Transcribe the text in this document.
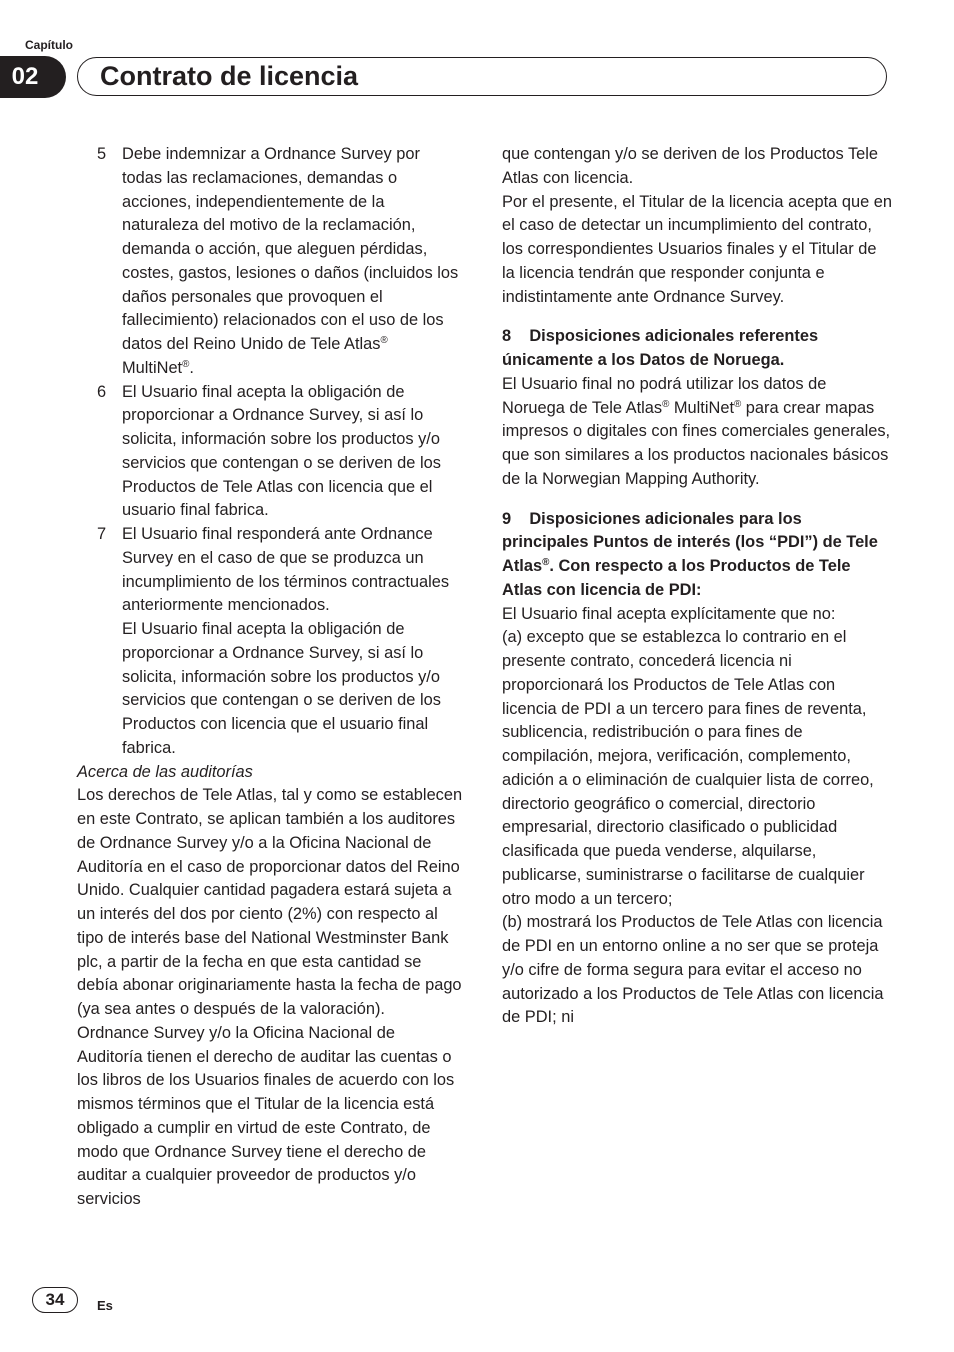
Capítulo
02	Contrato de licencia
5 Debe indemnizar a Ordnance Survey por todas las reclamaciones, demandas o acciones, independientemente de la naturaleza del motivo de la reclamación, demanda o acción, que aleguen pérdidas, costes, gastos, lesiones o daños (incluidos los daños personales que provoquen el fallecimiento) relacionados con el uso de los datos del Reino Unido de Tele Atlas® MultiNet®.

6 El Usuario final acepta la obligación de proporcionar a Ordnance Survey, si así lo solicita, información sobre los productos y/o servicios que contengan o se deriven de los Productos de Tele Atlas con licencia que el usuario final fabrica.

7 El Usuario final responderá ante Ordnance Survey en el caso de que se produzca un incumplimiento de los términos contractuales anteriormente mencionados.

El Usuario final acepta la obligación de proporcionar a Ordnance Survey, si así lo solicita, información sobre los productos y/o servicios que contengan o se deriven de los Productos con licencia que el usuario final fabrica.

Acerca de las auditorías

Los derechos de Tele Atlas, tal y como se establecen en este Contrato, se aplican también a los auditores de Ordnance Survey y/o a la Oficina Nacional de Auditoría en el caso de proporcionar datos del Reino Unido. Cualquier cantidad pagadera estará sujeta a un interés del dos por ciento (2%) con respecto al tipo de interés base del National Westminster Bank plc, a partir de la fecha en que esta cantidad se debía abonar originariamente hasta la fecha de pago (ya sea antes o después de la valoración).

Ordnance Survey y/o la Oficina Nacional de Auditoría tienen el derecho de auditar las cuentas o los libros de los Usuarios finales de acuerdo con los mismos términos que el Titular de la licencia está obligado a cumplir en virtud de este Contrato, de modo que Ordnance Survey tiene el derecho de auditar a cualquier proveedor de productos y/o servicios

que contengan y/o se deriven de los Productos Tele Atlas con licencia.

Por el presente, el Titular de la licencia acepta que en el caso de detectar un incumplimiento del contrato, los correspondientes Usuarios finales y el Titular de la licencia tendrán que responder conjunta e indistintamente ante Ordnance Survey.

8    Disposiciones adicionales referentes únicamente a los Datos de Noruega.

El Usuario final no podrá utilizar los datos de Noruega de Tele Atlas® MultiNet® para crear mapas impresos o digitales con fines comerciales generales, que son similares a los productos nacionales básicos de la Norwegian Mapping Authority.

9    Disposiciones adicionales para los principales Puntos de interés (los “PDI”) de Tele Atlas®. Con respecto a los Productos de Tele Atlas con licencia de PDI:

El Usuario final acepta explícitamente que no:

(a) excepto que se establezca lo contrario en el presente contrato, concederá licencia ni proporcionará los Productos de Tele Atlas con licencia de PDI a un tercero para fines de reventa, sublicencia, redistribución o para fines de compilación, mejora, verificación, complemento, adición a o eliminación de cualquier lista de correo, directorio geográfico o comercial, directorio empresarial, directorio clasificado o publicidad clasificada que pueda venderse, alquilarse, publicarse, suministrarse o facilitarse de cualquier otro modo a un tercero;

(b) mostrará los Productos de Tele Atlas con licencia de PDI en un entorno online a no ser que se proteja y/o cifre de forma segura para evitar el acceso no autorizado a los Productos de Tele Atlas con licencia de PDI; ni

34	Es
